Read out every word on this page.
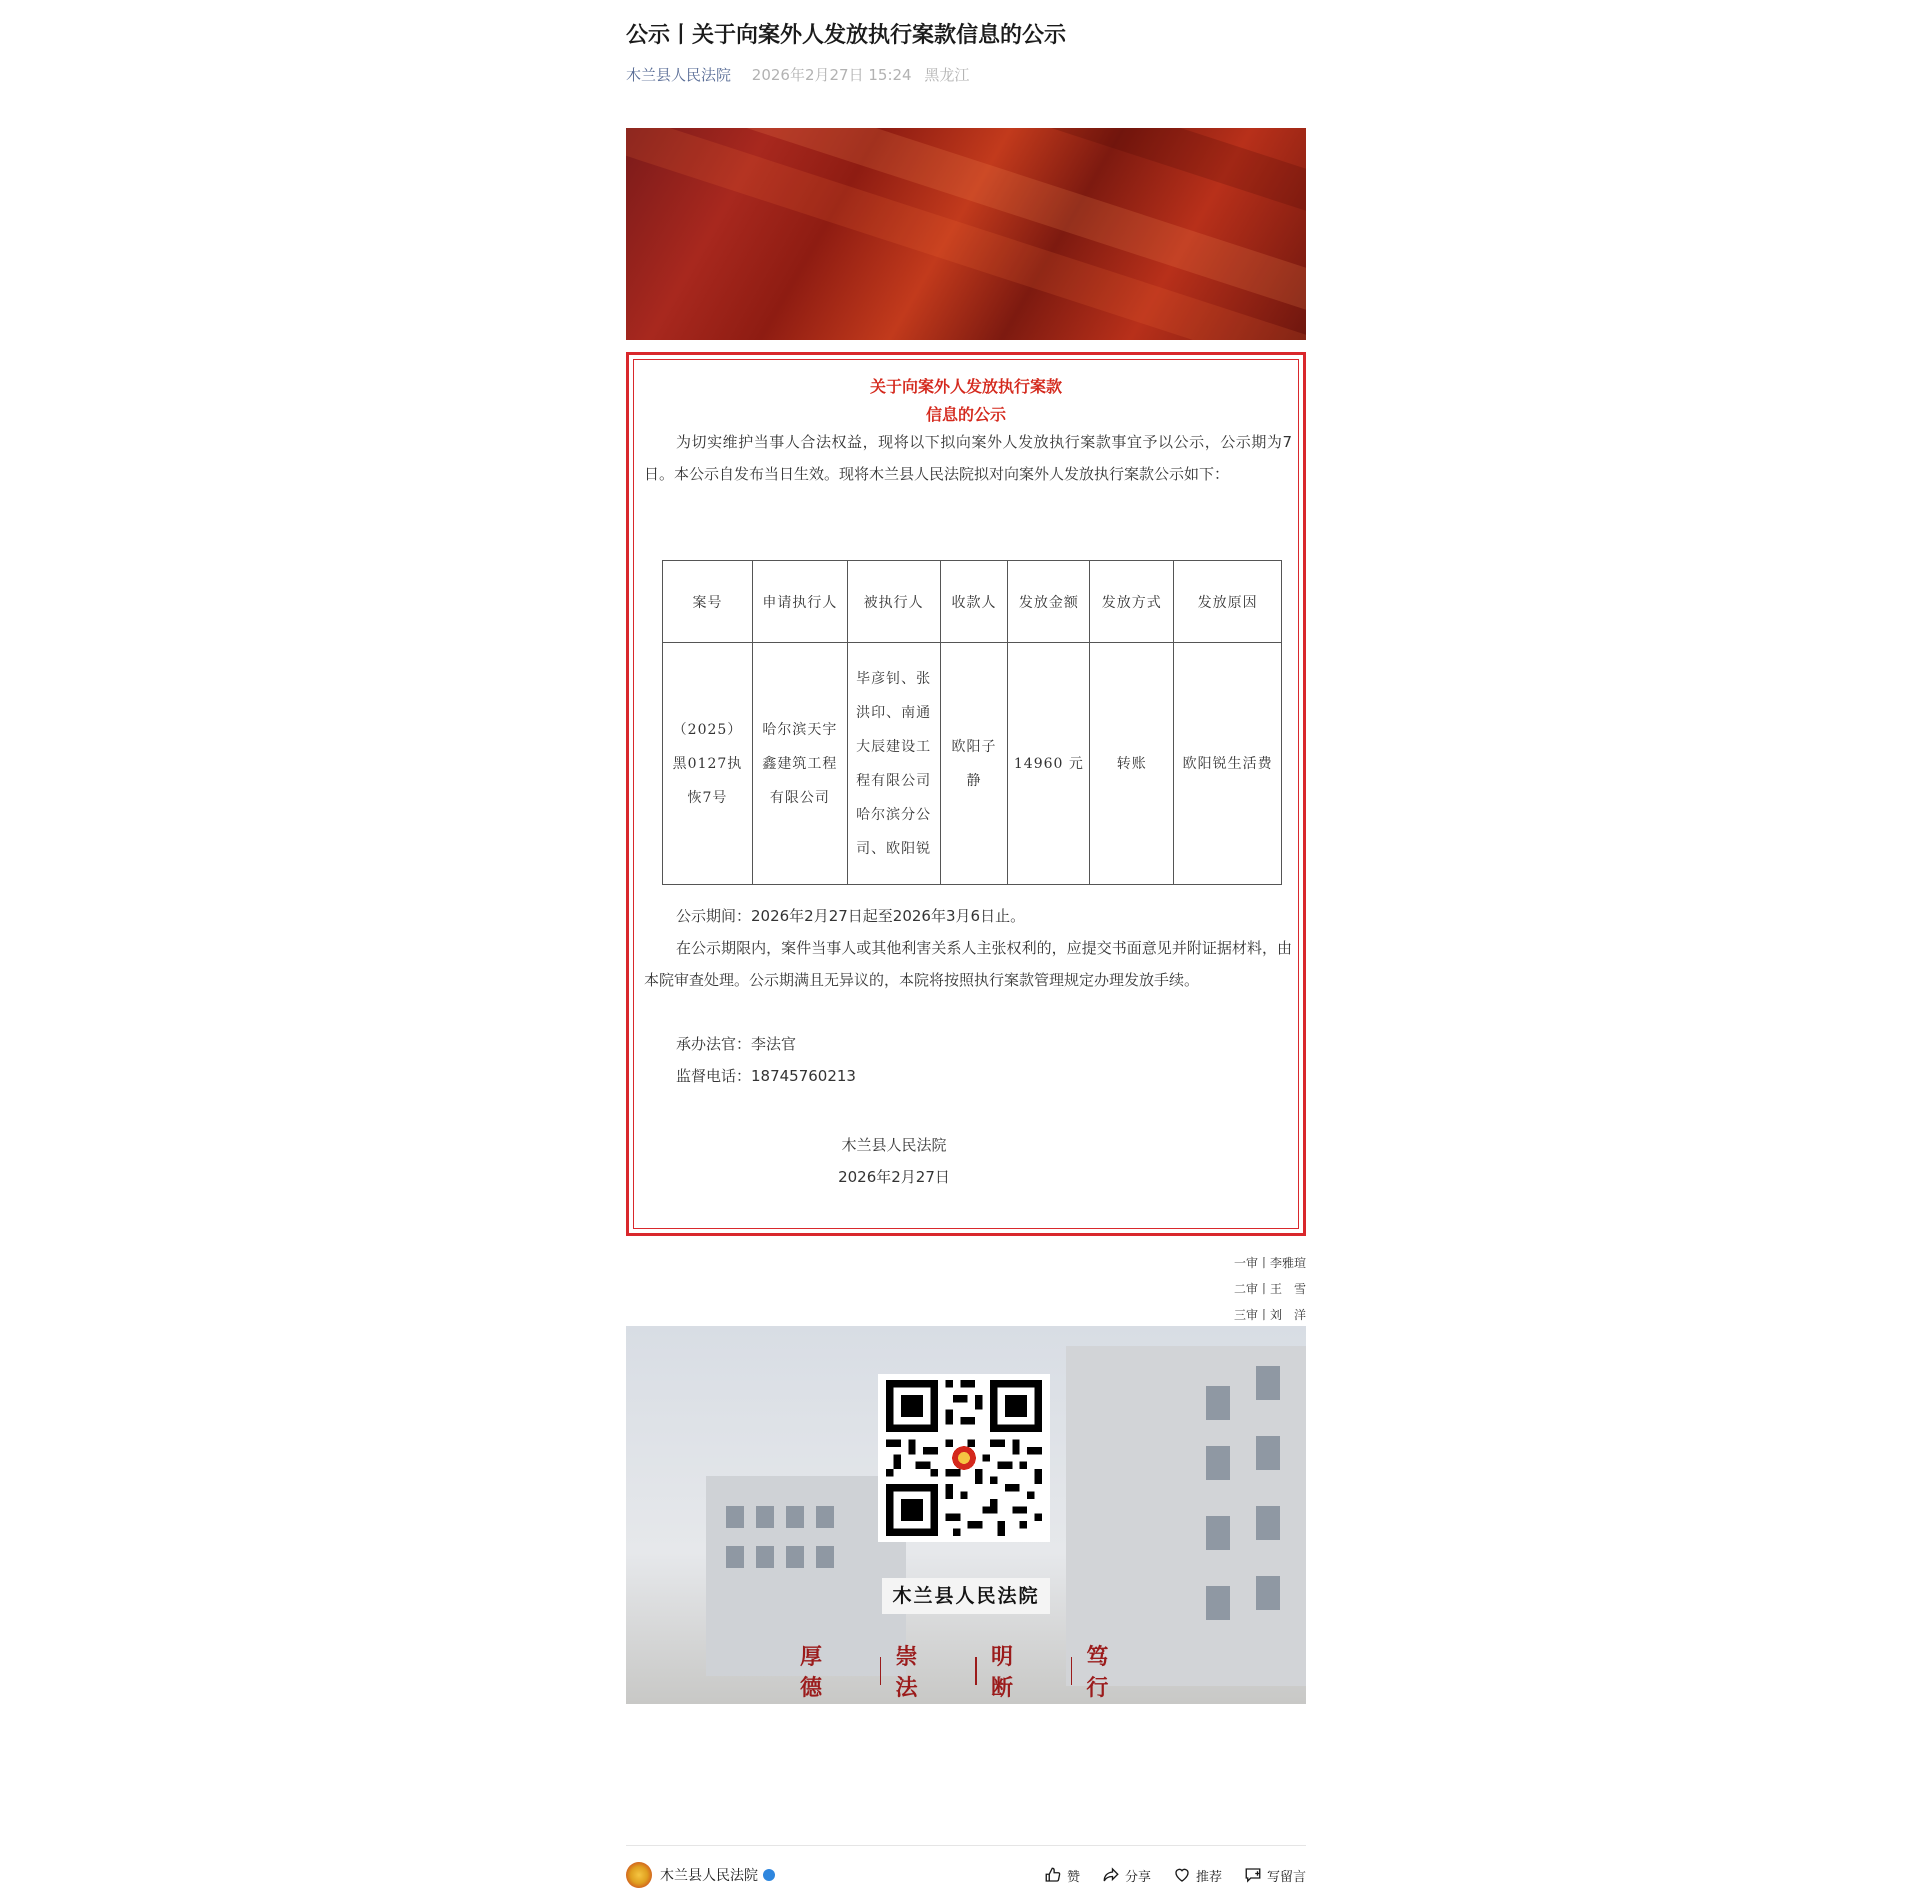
公示丨关于向案外人发放执行案款信息的公示
木兰县人民法院 2026年2月27日 15:24 黑龙江
关于向案外人发放执行案款
信息的公示
为切实维护当事人合法权益，现将以下拟向案外人发放执行案款事宜予以公示，公示期为7日。本公示自发布当日生效。现将木兰县人民法院拟对向案外人发放执行案款公示如下：
案号	申请执行人	被执行人	收款人	发放金额	发放方式	发放原因
（2025）黑0127执恢7号	哈尔滨天宇鑫建筑工程有限公司	毕彦钊、张洪印、南通大辰建设工程有限公司哈尔滨分公司、欧阳锐	欧阳子静	14960 元	转账	欧阳锐生活费
公示期间：2026年2月27日起至2026年3月6日止。
在公示期限内，案件当事人或其他利害关系人主张权利的，应提交书面意见并附证据材料，由本院审查处理。公示期满且无异议的，本院将按照执行案款管理规定办理发放手续。
承办法官：李法官
监督电话：18745760213
木兰县人民法院
2026年2月27日
一审丨李雅瑄
二审丨王　雪
三审丨刘　洋
木兰县人民法院
厚德
崇法
明断
笃行
木兰县人民法院	赞	分享	推荐	写留言
